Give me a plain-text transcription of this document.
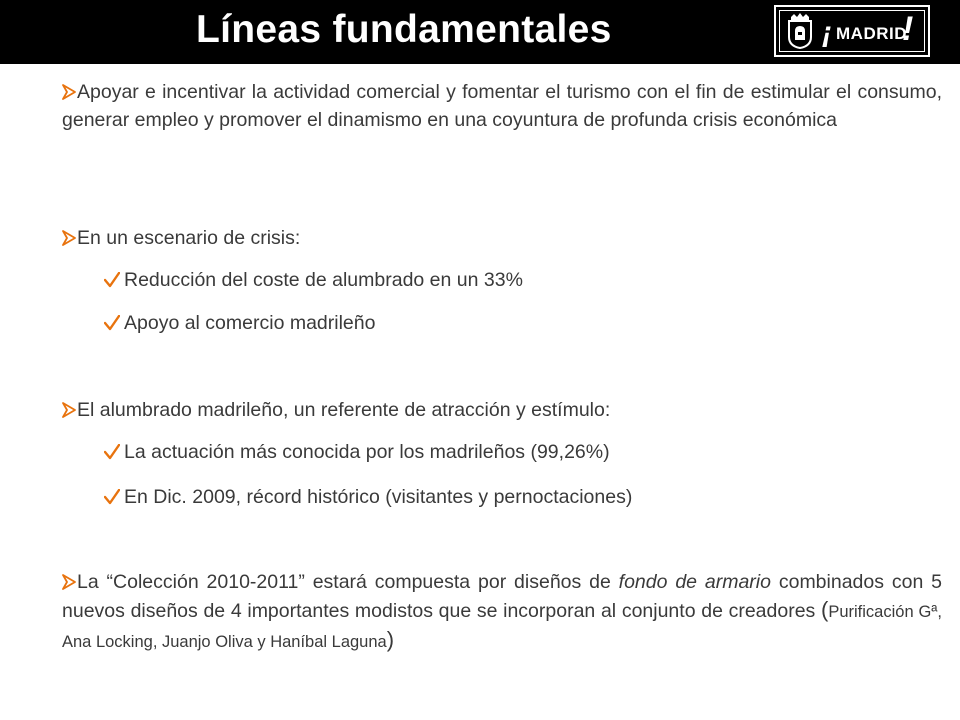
Líneas fundamentales	¡ MADRID
!
Apoyar e incentivar la actividad comercial y fomentar el turismo con el fin de estimular el consumo, generar empleo y promover el dinamismo en una coyuntura de profunda crisis económica
En un escenario de crisis:
Reducción del coste de alumbrado en un 33%
Apoyo al comercio madrileño
El alumbrado madrileño, un referente de atracción y estímulo:
La actuación más conocida por los madrileños (99,26%)
En Dic. 2009, récord histórico (visitantes y pernoctaciones)
La “Colección 2010-2011” estará compuesta por diseños de fondo de armario combinados con 5 nuevos diseños de 4 importantes modistos que se incorporan al conjunto de creadores (Purificación Gª, Ana Locking, Juanjo Oliva y Haníbal Laguna)
